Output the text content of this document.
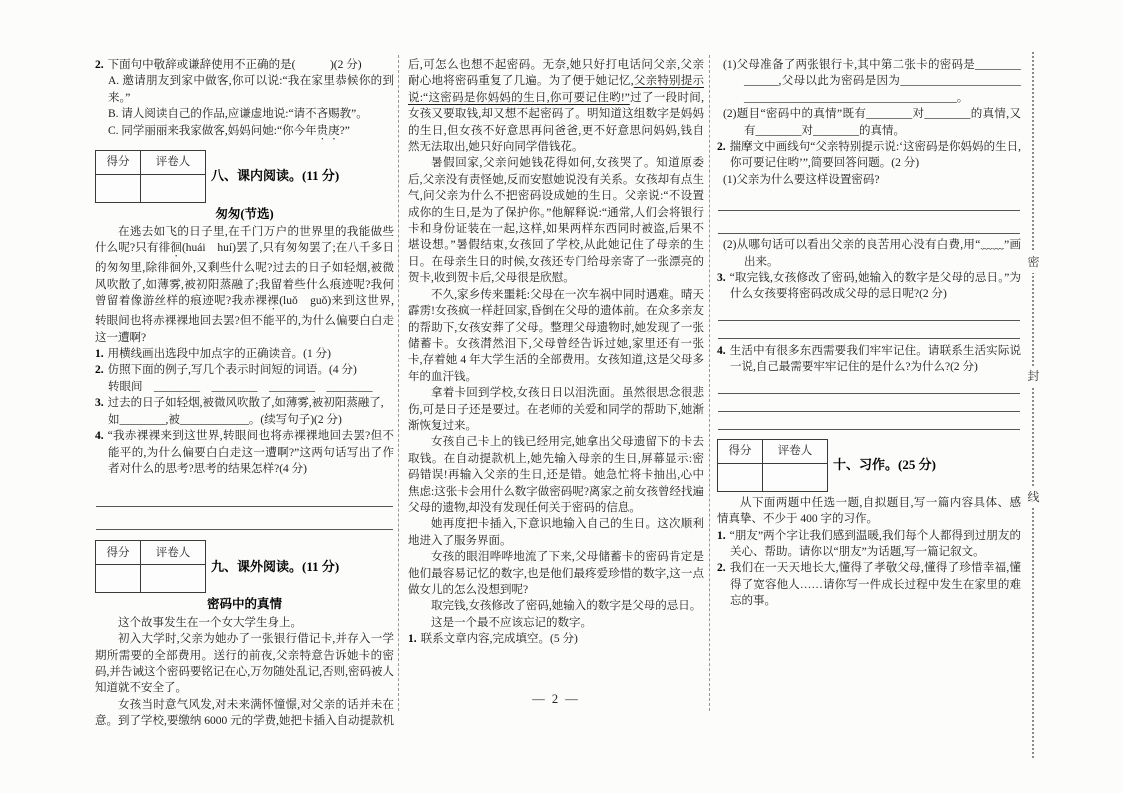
密
封
线

2. 下面句中敬辞或谦辞使用不正确的是(　　　)(2 分)

A. 邀请朋友到家中做客,你可以说:“我在家里恭候你的到来。”

B. 请人阅读自己的作品,应谦虚地说:“请不吝赐教”。

C. 同学丽丽来我家做客,妈妈问她:“你今年贵庚?”

得分	评卷人

八、课内阅读。(11 分)

匆匆(节选)

在逃去如飞的日子里,在千门万户的世界里的我能做些什么呢?只有徘徊(huái　huí)罢了,只有匆匆罢了;在八千多日的匆匆里,除徘徊外,又剩些什么呢?过去的日子如轻烟,被微风吹散了,如薄雾,被初阳蒸融了;我留着些什么痕迹呢?我何曾留着像游丝样的痕迹呢?我赤裸裸(luǒ　guǒ)来到这世界,转眼间也将赤裸裸地回去罢?但不能平的,为什么偏要白白走这一遭啊?

1. 用横线画出选段中加点字的正确读音。(1 分)

2. 仿照下面的例子,写几个表示时间短的词语。(4 分)

转眼间　________　________　________　________

3. 过去的日子如轻烟,被微风吹散了,如薄雾,被初阳蒸融了,

如________,被____________。(续写句子)(2 分)

4. “我赤裸裸来到这世界,转眼间也将赤裸裸地回去罢?但不能平的,为什么偏要白白走这一遭啊?”这两句话写出了作者对什么的思考?思考的结果怎样?(4 分)

得分	评卷人

九、课外阅读。(11 分)

密码中的真情

这个故事发生在一个女大学生身上。

初入大学时,父亲为她办了一张银行借记卡,并存入一学期所需要的全部费用。送行的前夜,父亲特意告诉她卡的密码,并告诫这个密码要铭记在心,万勿随处乱记,否则,密码被人知道就不安全了。

女孩当时意气风发,对未来满怀憧憬,对父亲的话并未在意。到了学校,要缴纳 6000 元的学费,她把卡插入自动提款机

后,可怎么也想不起密码。无奈,她只好打电话问父亲,父亲耐心地将密码重复了几遍。为了便于她记忆,父亲特别提示说:“这密码是你妈妈的生日,你可要记住哟!”过了一段时间,女孩又要取钱,却又想不起密码了。明知道这组数字是妈妈的生日,但女孩不好意思再问爸爸,更不好意思问妈妈,钱自然无法取出,她只好向同学借钱花。

暑假回家,父亲问她钱花得如何,女孩哭了。知道原委后,父亲没有责怪她,反而安慰她说没有关系。女孩却有点生气,问父亲为什么不把密码设成她的生日。父亲说:“不设置成你的生日,是为了保护你。”他解释说:“通常,人们会将银行卡和身份证装在一起,这样,如果两样东西同时被盗,后果不堪设想。”暑假结束,女孩回了学校,从此她记住了母亲的生日。在母亲生日的时候,女孩还专门给母亲寄了一张漂亮的贺卡,收到贺卡后,父母很是欣慰。

不久,家乡传来噩耗:父母在一次车祸中同时遇难。晴天霹雳!女孩疯一样赶回家,昏倒在父母的遗体前。在众多亲友的帮助下,女孩安葬了父母。整理父母遗物时,她发现了一张储蓄卡。女孩潸然泪下,父母曾经告诉过她,家里还有一张卡,存着她 4 年大学生活的全部费用。女孩知道,这是父母多年的血汗钱。

拿着卡回到学校,女孩日日以泪洗面。虽然很思念很悲伤,可是日子还是要过。在老师的关爱和同学的帮助下,她渐渐恢复过来。

女孩自己卡上的钱已经用完,她拿出父母遗留下的卡去取钱。在自动提款机上,她先输入母亲的生日,屏幕显示:密码错误!再输入父亲的生日,还是错。她急忙将卡抽出,心中焦虑:这张卡会用什么数字做密码呢?离家之前女孩曾经找遍父母的遗物,却没有发现任何关于密码的信息。

她再度把卡插入,下意识地输入自己的生日。这次顺利地进入了服务界面。

女孩的眼泪哗哗地流了下来,父母储蓄卡的密码肯定是他们最容易记忆的数字,也是他们最疼爱珍惜的数字,这一点做女儿的怎么没想到呢?

取完钱,女孩修改了密码,她输入的数字是父母的忌日。

这是一个最不应该忘记的数字。

1. 联系文章内容,完成填空。(5 分)

(1)父母准备了两张银行卡,其中第二张卡的密码是______________,父母以此为密码是因为__________________________________________________________。

(2)题目“密码中的真情”既有________对________的真情,又有________对________的真情。

2. 揣摩文中画线句“父亲特别提示说:‘这密码是你妈妈的生日,你可要记住哟’”,简要回答问题。(2 分)

(1)父亲为什么要这样设置密码?

(2)从哪句话可以看出父亲的良苦用心没有白费,用“﹏﹏”画出来。

3. “取完钱,女孩修改了密码,她输入的数字是父母的忌日。”为什么女孩要将密码改成父母的忌日呢?(2 分)

4. 生活中有很多东西需要我们牢牢记住。请联系生活实际说一说,自己最需要牢牢记住的是什么?为什么?(2 分)

得分	评卷人

十、习作。(25 分)

从下面两题中任选一题,自拟题目,写一篇内容具体、感情真挚、不少于 400 字的习作。

1. “朋友”两个字让我们感到温暖,我们每个人都得到过朋友的关心、帮助。请你以“朋友”为话题,写一篇记叙文。

2. 我们在一天天地长大,懂得了孝敬父母,懂得了珍惜幸福,懂得了宽容他人……请你写一件成长过程中发生在家里的难忘的事。

— 2 —
